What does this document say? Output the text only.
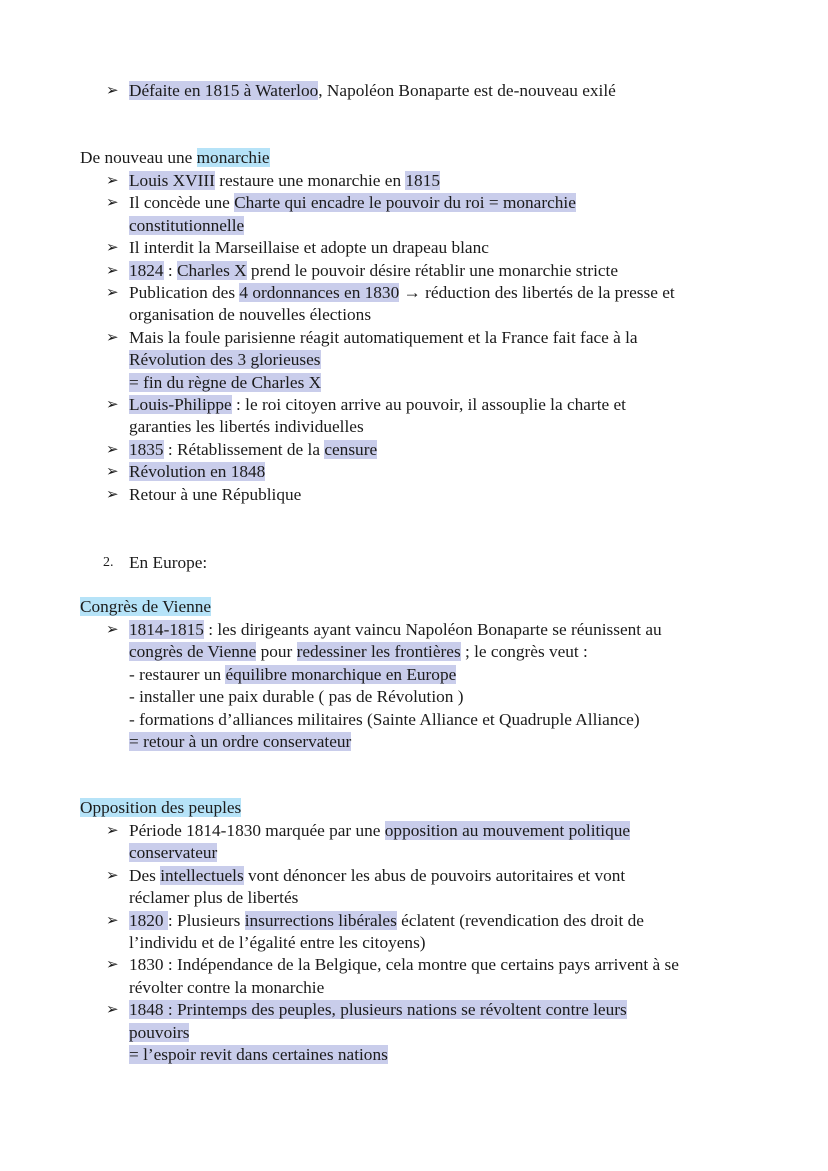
➢ Défaite en 1815 à Waterloo, Napoléon Bonaparte est de-nouveau exilé
De nouveau une monarchie
➢ Louis XVIII restaure une monarchie en 1815
➢ Il concède une Charte qui encadre le pouvoir du roi = monarchie
constitutionnelle
➢ Il interdit la Marseillaise et adopte un drapeau blanc
➢ 1824 : Charles X prend le pouvoir désire rétablir une monarchie stricte
➢ Publication des 4 ordonnances en 1830 → réduction des libertés de la presse et
organisation de nouvelles élections
➢ Mais la foule parisienne réagit automatiquement et la France fait face à la
Révolution des 3 glorieuses
= fin du règne de Charles X
➢ Louis-Philippe : le roi citoyen arrive au pouvoir, il assouplie la charte et
garanties les libertés individuelles
➢ 1835 : Rétablissement de la censure
➢ Révolution en 1848
➢ Retour à une République
2. En Europe:
Congrès de Vienne
➢ 1814-1815 : les dirigeants ayant vaincu Napoléon Bonaparte se réunissent au
congrès de Vienne pour redessiner les frontières ; le congrès veut :
- restaurer un équilibre monarchique en Europe
- installer une paix durable ( pas de Révolution )
- formations d’alliances militaires (Sainte Alliance et Quadruple Alliance)
= retour à un ordre conservateur
Opposition des peuples
➢ Période 1814-1830 marquée par une opposition au mouvement politique
conservateur
➢ Des intellectuels vont dénoncer les abus de pouvoirs autoritaires et vont
réclamer plus de libertés
➢ 1820 : Plusieurs insurrections libérales éclatent (revendication des droit de
l’individu et de l’égalité entre les citoyens)
➢ 1830 : Indépendance de la Belgique, cela montre que certains pays arrivent à se
révolter contre la monarchie
➢ 1848 : Printemps des peuples, plusieurs nations se révoltent contre leurs
pouvoirs
= l’espoir revit dans certaines nations
